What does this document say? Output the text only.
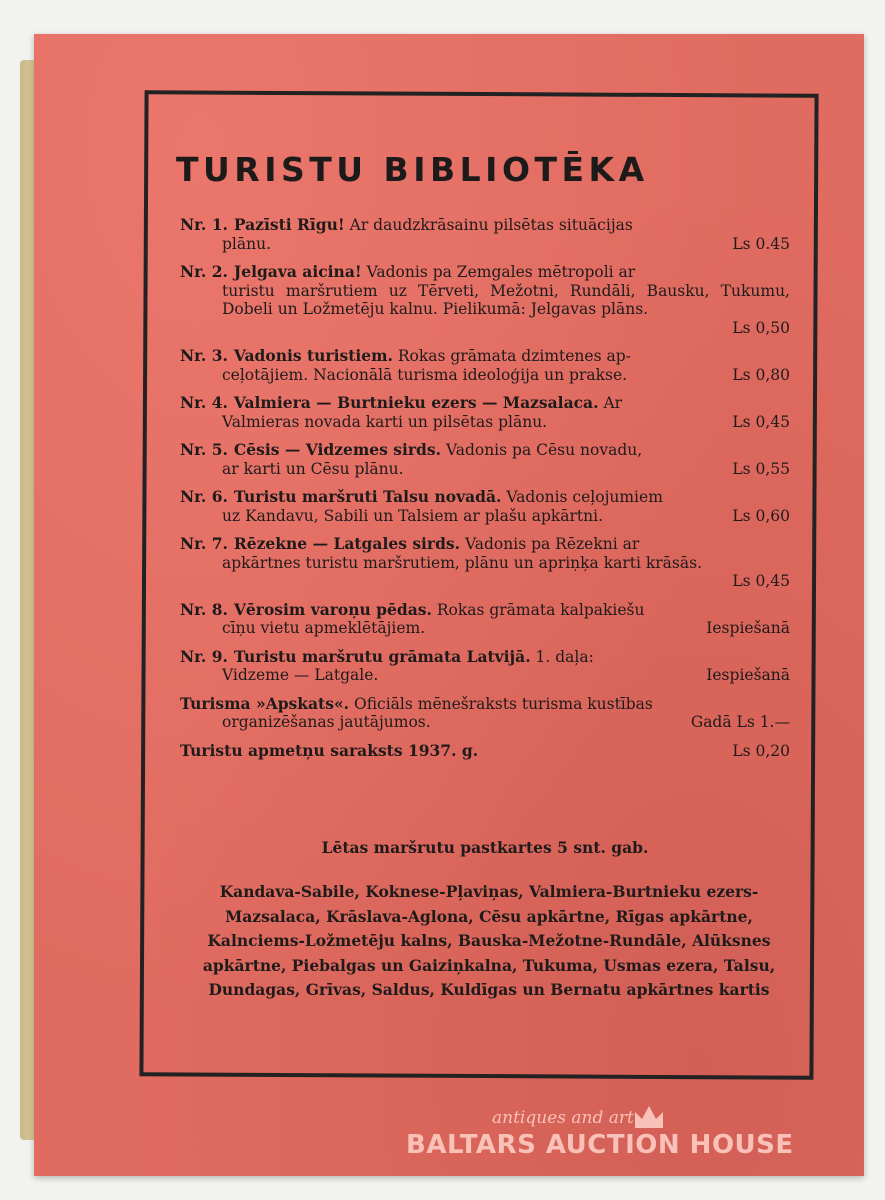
TURISTU BIBLIOTĒKA
Nr. 1. Pazīsti Rīgu! Ar daudzkrāsainu pilsētas situācijas
plānu.	Ls 0.45
Nr. 2. Jelgava aicina! Vadonis pa Zemgales mētropoli ar
turistu maršrutiem uz Tērveti, Mežotni, Rundāli, Bausku, Tukumu, Dobeli un Ložmetēju kalnu. Pielikumā: Jelgavas plāns.
Ls 0,50
Nr. 3. Vadonis turistiem. Rokas grāmata dzimtenes ap-
ceļotājiem. Nacionālā turisma ideoloģija un prakse.	Ls 0,80
Nr. 4. Valmiera — Burtnieku ezers — Mazsalaca. Ar
Valmieras novada karti un pilsētas plānu.	Ls 0,45
Nr. 5. Cēsis — Vidzemes sirds. Vadonis pa Cēsu novadu,
ar karti un Cēsu plānu.	Ls 0,55
Nr. 6. Turistu maršruti Talsu novadā. Vadonis ceļojumiem
uz Kandavu, Sabili un Talsiem ar plašu apkārtni.	Ls 0,60
Nr. 7. Rēzekne — Latgales sirds. Vadonis pa Rēzekni ar
apkārtnes turistu maršrutiem, plānu un apriņķa karti krāsās.
Ls 0,45
Nr. 8. Vērosim varoņu pēdas. Rokas grāmata kalpakiešu
cīņu vietu apmeklētājiem.	Iespiešanā
Nr. 9. Turistu maršrutu grāmata Latvijā. 1. daļa:
Vidzeme — Latgale.	Iespiešanā
Turisma »Apskats«. Oficiāls mēnešraksts turisma kustības
organizēšanas jautājumos.	Gadā Ls 1.—
Turistu apmetņu saraksts 1937. g.	Ls 0,20
Lētas maršrutu pastkartes 5 snt. gab.
Kandava-Sabile, Koknese-Pļaviņas, Valmiera-Burtnieku ezers-Mazsalaca, Krāslava-Aglona, Cēsu apkārtne, Rīgas apkārtne, Kalnciems-Ložmetēju kalns, Bauska-Mežotne-Rundāle, Alūksnes apkārtne, Piebalgas un Gaiziņkalna, Tukuma, Usmas ezera, Talsu, Dundagas, Grīvas, Saldus, Kuldīgas un Bernatu apkārtnes kartis
antiques and art
BALTARS AUCTION HOUSE
